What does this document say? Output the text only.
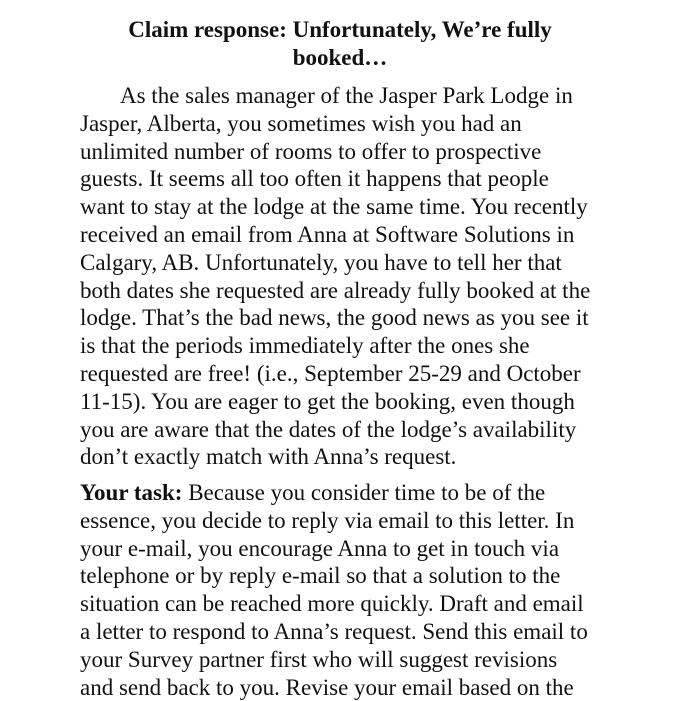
Claim response: Unfortunately, We’re fully booked…
As the sales manager of the Jasper Park Lodge in
Jasper, Alberta, you sometimes wish you had an
unlimited number of rooms to offer to prospective
guests. It seems all too often it happens that people
want to stay at the lodge at the same time. You recently
received an email from Anna at Software Solutions in
Calgary, AB. Unfortunately, you have to tell her that
both dates she requested are already fully booked at the
lodge. That’s the bad news, the good news as you see it
is that the periods immediately after the ones she
requested are free! (i.e., September 25-29 and October
11-15). You are eager to get the booking, even though
you are aware that the dates of the lodge’s availability
don’t exactly match with Anna’s request.
Your task: Because you consider time to be of the
essence, you decide to reply via email to this letter. In
your e-mail, you encourage Anna to get in touch via
telephone or by reply e-mail so that a solution to the
situation can be reached more quickly. Draft and email
a letter to respond to Anna’s request. Send this email to
your Survey partner first who will suggest revisions
and send back to you. Revise your email based on the
